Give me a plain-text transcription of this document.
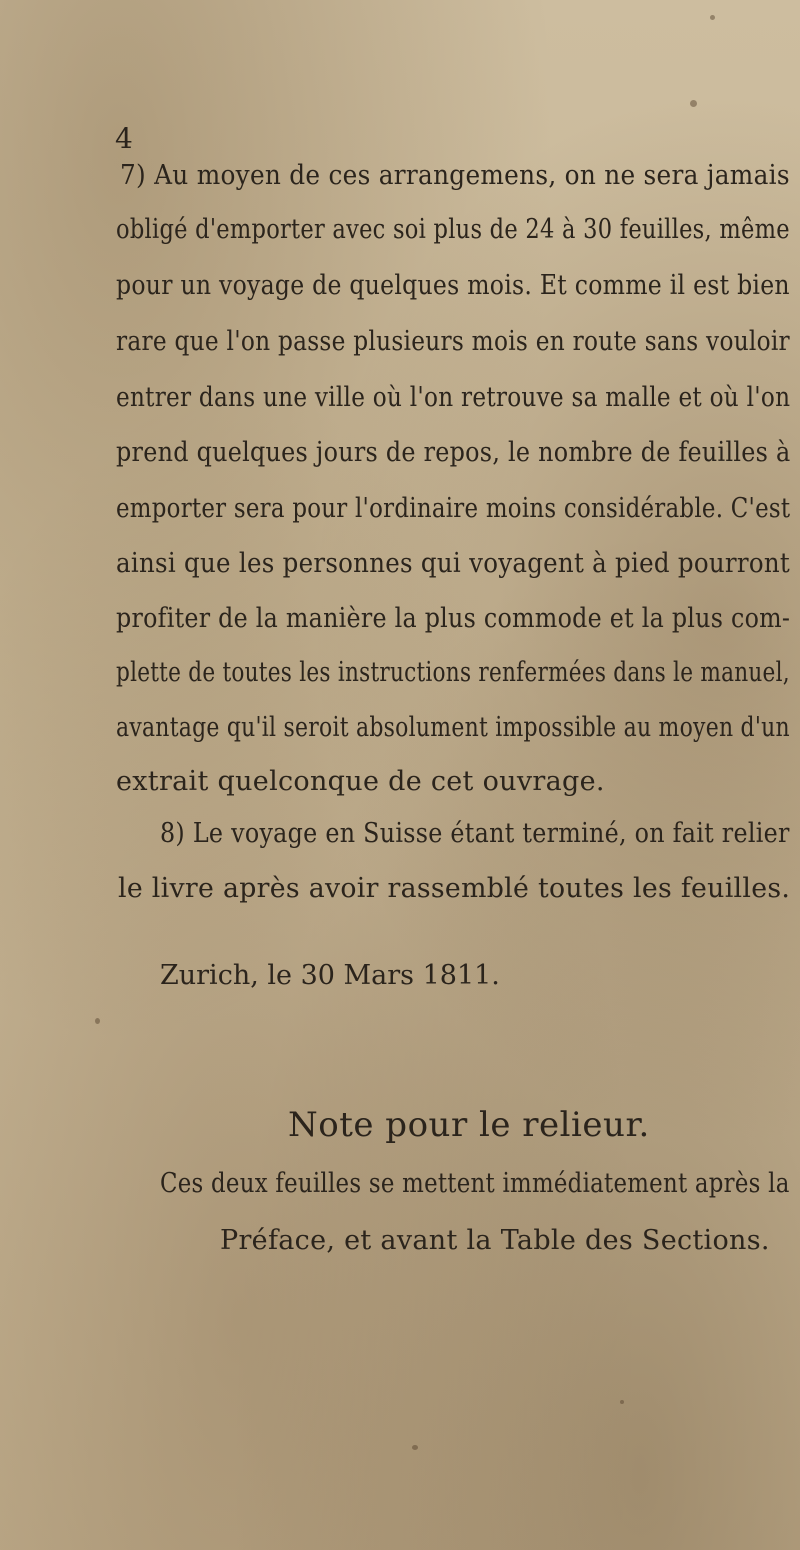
4
7) Au moyen de ces arrangemens, on ne sera jamais
obligé d'emporter avec soi plus de 24 à 30 feuilles, même
pour un voyage de quelques mois. Et comme il est bien
rare que l'on passe plusieurs mois en route sans vouloir
entrer dans une ville où l'on retrouve sa malle et où l'on
prend quelques jours de repos, le nombre de feuilles à
emporter sera pour l'ordinaire moins considérable. C'est
ainsi que les personnes qui voyagent à pied pourront
profiter de la manière la plus commode et la plus com-
plette de toutes les instructions renfermées dans le manuel,
avantage qu'il seroit absolument impossible au moyen d'un
extrait quelconque de cet ouvrage.
8) Le voyage en Suisse étant terminé, on fait relier
le livre après avoir rassemblé toutes les feuilles.
Zurich, le 30 Mars 1811.
Note pour le relieur.
Ces deux feuilles se mettent immédiatement après la
Préface, et avant la Table des Sections.
